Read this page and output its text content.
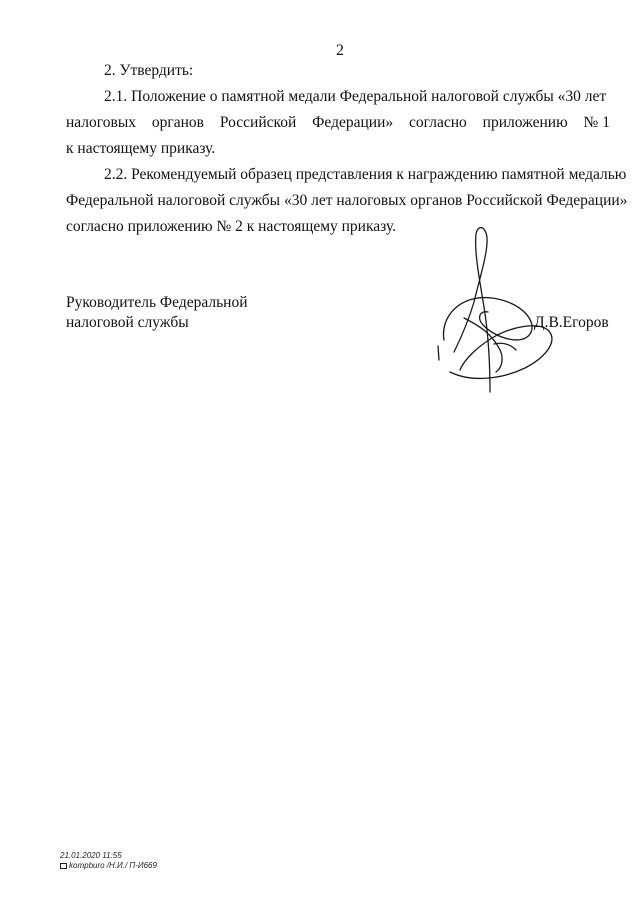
2
2. Утвердить:
2.1. Положение о памятной медали Федеральной налоговой службы «30 лет
налоговых органов Российской Федерации» согласно приложению № 1
к настоящему приказу.
2.2. Рекомендуемый образец представления к награждению памятной медалью
Федеральной налоговой службы «30 лет налоговых органов Российской Федерации»
согласно приложению № 2 к настоящему приказу.
Руководитель Федеральной
налоговой службы	Д.В.Егоров
21.01.2020 11:55
kompburo /Н.И./ П-И669
